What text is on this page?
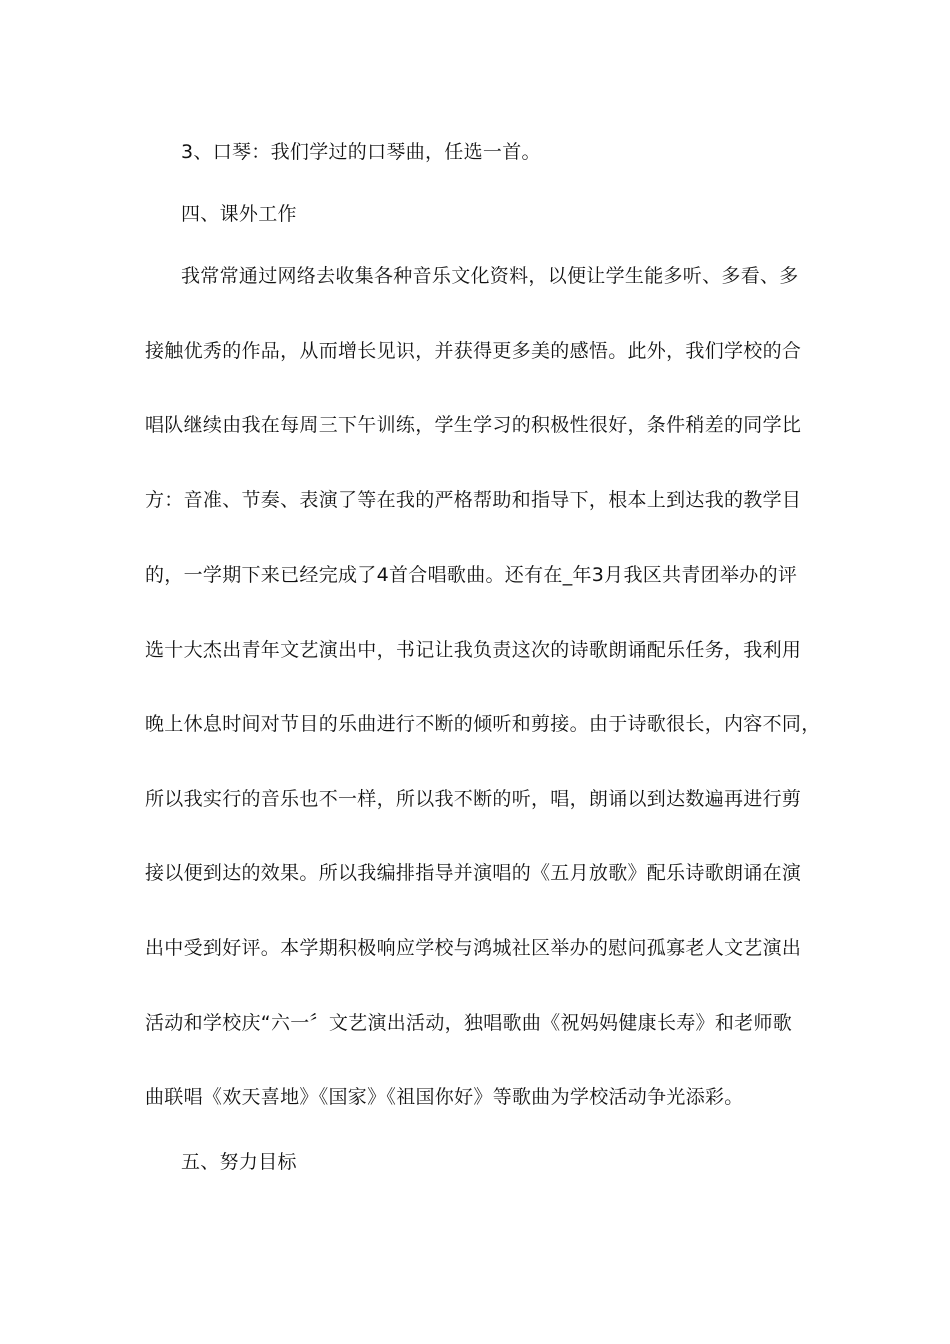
3、口琴：我们学过的口琴曲，任选一首。
四、课外工作
我常常通过网络去收集各种音乐文化资料，以便让学生能多听、多看、多
接触优秀的作品，从而增长见识，并获得更多美的感悟。此外，我们学校的合
唱队继续由我在每周三下午训练，学生学习的积极性很好，条件稍差的同学比
方：音准、节奏、表演了等在我的严格帮助和指导下，根本上到达我的教学目
的，一学期下来已经完成了4首合唱歌曲。还有在_年3月我区共青团举办的评
选十大杰出青年文艺演出中，书记让我负责这次的诗歌朗诵配乐任务，我利用
晚上休息时间对节目的乐曲进行不断的倾听和剪接。由于诗歌很长，内容不同，
所以我实行的音乐也不一样，所以我不断的听，唱，朗诵以到达数遍再进行剪
接以便到达的效果。所以我编排指导并演唱的《五月放歌》配乐诗歌朗诵在演
出中受到好评。本学期积极响应学校与鸿城社区举办的慰问孤寡老人文艺演出
活动和学校庆“六一〞文艺演出活动，独唱歌曲《祝妈妈健康长寿》和老师歌
曲联唱《欢天喜地》《国家》《祖国你好》等歌曲为学校活动争光添彩。
五、努力目标
